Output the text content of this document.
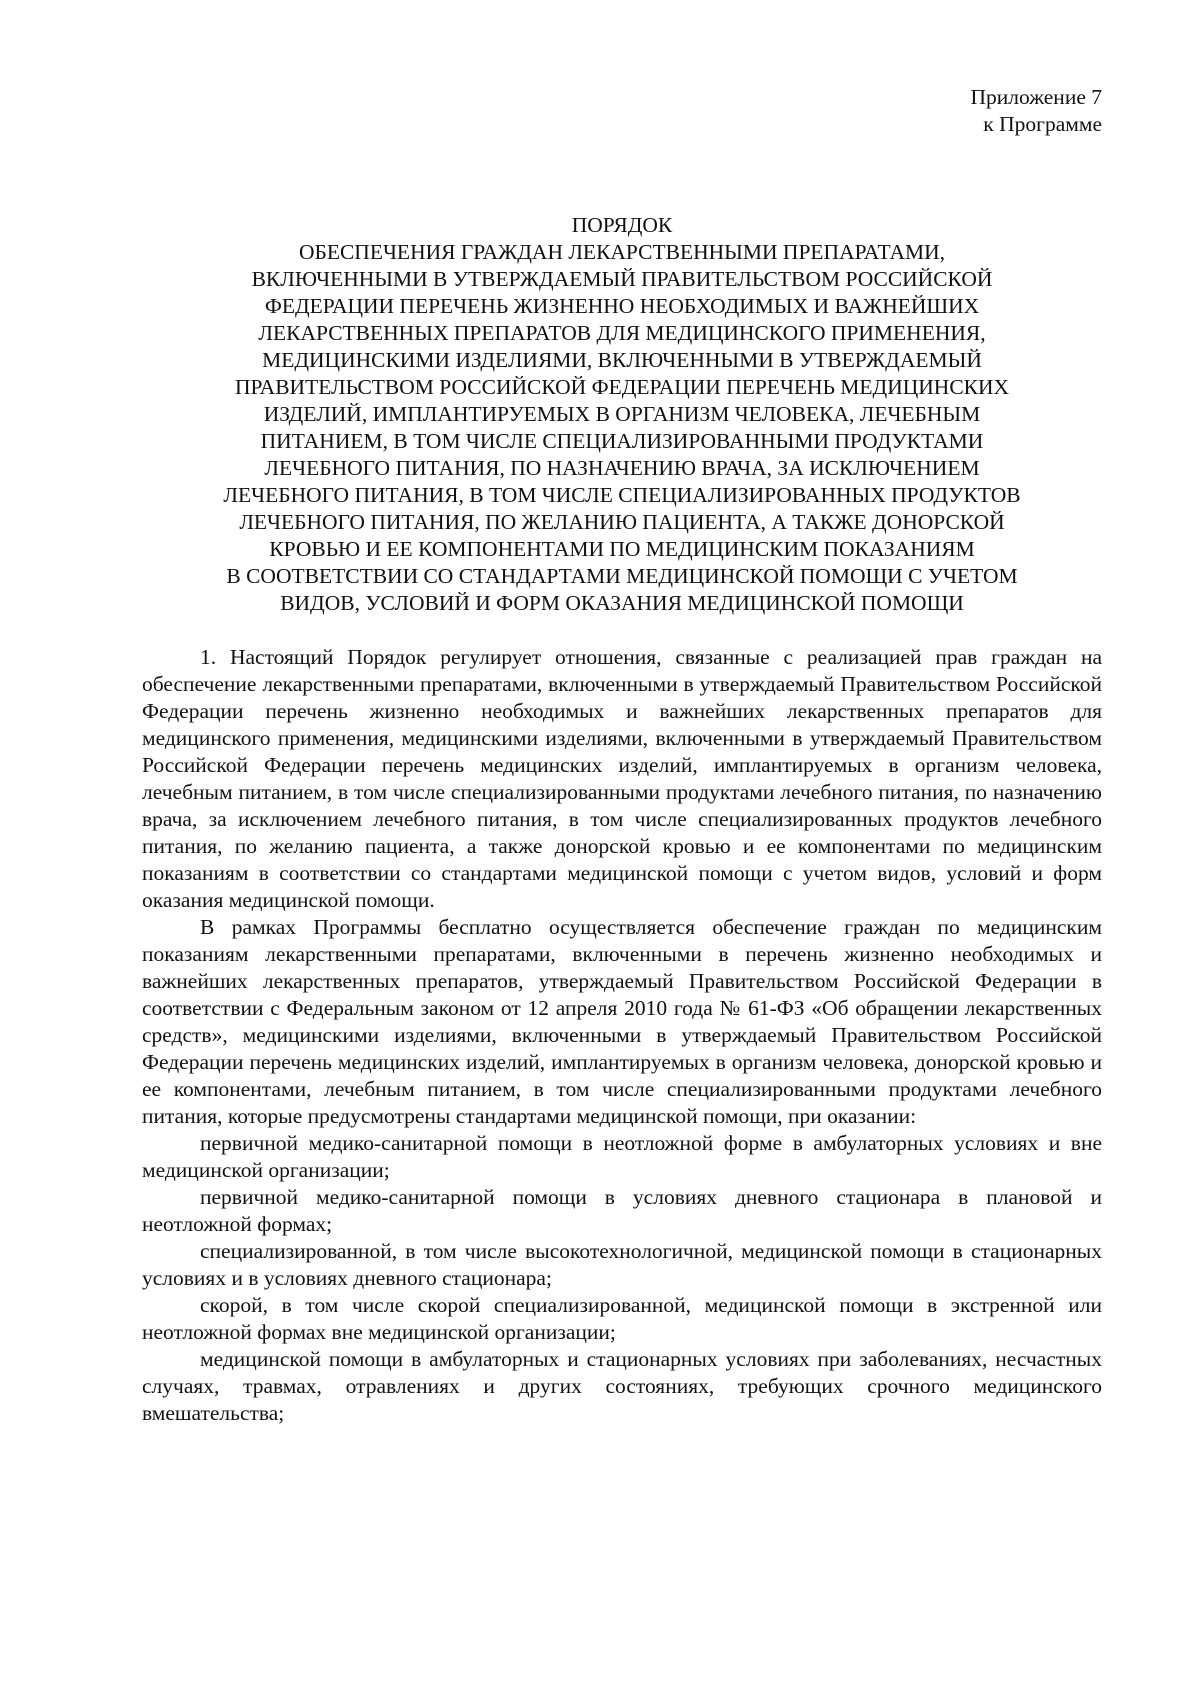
Приложение 7
к Программе
ПОРЯДОК
ОБЕСПЕЧЕНИЯ ГРАЖДАН ЛЕКАРСТВЕННЫМИ ПРЕПАРАТАМИ,
ВКЛЮЧЕННЫМИ В УТВЕРЖДАЕМЫЙ ПРАВИТЕЛЬСТВОМ РОССИЙСКОЙ
ФЕДЕРАЦИИ ПЕРЕЧЕНЬ ЖИЗНЕННО НЕОБХОДИМЫХ И ВАЖНЕЙШИХ
ЛЕКАРСТВЕННЫХ ПРЕПАРАТОВ ДЛЯ МЕДИЦИНСКОГО ПРИМЕНЕНИЯ,
МЕДИЦИНСКИМИ ИЗДЕЛИЯМИ, ВКЛЮЧЕННЫМИ В УТВЕРЖДАЕМЫЙ
ПРАВИТЕЛЬСТВОМ РОССИЙСКОЙ ФЕДЕРАЦИИ ПЕРЕЧЕНЬ МЕДИЦИНСКИХ
ИЗДЕЛИЙ, ИМПЛАНТИРУЕМЫХ В ОРГАНИЗМ ЧЕЛОВЕКА, ЛЕЧЕБНЫМ
ПИТАНИЕМ, В ТОМ ЧИСЛЕ СПЕЦИАЛИЗИРОВАННЫМИ ПРОДУКТАМИ
ЛЕЧЕБНОГО ПИТАНИЯ, ПО НАЗНАЧЕНИЮ ВРАЧА, ЗА ИСКЛЮЧЕНИЕМ
ЛЕЧЕБНОГО ПИТАНИЯ, В ТОМ ЧИСЛЕ СПЕЦИАЛИЗИРОВАННЫХ ПРОДУКТОВ
ЛЕЧЕБНОГО ПИТАНИЯ, ПО ЖЕЛАНИЮ ПАЦИЕНТА, А ТАКЖЕ ДОНОРСКОЙ
КРОВЬЮ И ЕЕ КОМПОНЕНТАМИ ПО МЕДИЦИНСКИМ ПОКАЗАНИЯМ
В СООТВЕТСТВИИ СО СТАНДАРТАМИ МЕДИЦИНСКОЙ ПОМОЩИ С УЧЕТОМ
ВИДОВ, УСЛОВИЙ И ФОРМ ОКАЗАНИЯ МЕДИЦИНСКОЙ ПОМОЩИ

1. Настоящий Порядок регулирует отношения, связанные с реализацией прав граждан на обеспечение лекарственными препаратами, включенными в утверждаемый Правительством Российской Федерации перечень жизненно необходимых и важнейших лекарственных препаратов для медицинского применения, медицинскими изделиями, включенными в утверждаемый Правительством Российской Федерации перечень медицинских изделий, имплантируемых в организм человека, лечебным питанием, в том числе специализированными продуктами лечебного питания, по назначению врача, за исключением лечебного питания, в том числе специализированных продуктов лечебного питания, по желанию пациента, а также донорской кровью и ее компонентами по медицинским показаниям в соответствии со стандартами медицинской помощи с учетом видов, условий и форм оказания медицинской помощи.

В рамках Программы бесплатно осуществляется обеспечение граждан по медицинским показаниям лекарственными препаратами, включенными в перечень жизненно необходимых и важнейших лекарственных препаратов, утверждаемый Правительством Российской Федерации в соответствии с Федеральным законом от 12 апреля 2010 года № 61-ФЗ «Об обращении лекарственных средств», медицинскими изделиями, включенными в утверждаемый Правительством Российской Федерации перечень медицинских изделий, имплантируемых в организм человека, донорской кровью и ее компонентами, лечебным питанием, в том числе специализированными продуктами лечебного питания, которые предусмотрены стандартами медицинской помощи, при оказании:

первичной медико-санитарной помощи в неотложной форме в амбулаторных условиях и вне медицинской организации;

первичной медико-санитарной помощи в условиях дневного стационара в плановой и неотложной формах;

специализированной, в том числе высокотехнологичной, медицинской помощи в стационарных условиях и в условиях дневного стационара;

скорой, в том числе скорой специализированной, медицинской помощи в экстренной или неотложной формах вне медицинской организации;

медицинской помощи в амбулаторных и стационарных условиях при заболеваниях, несчастных случаях, травмах, отравлениях и других состояниях, требующих срочного медицинского вмешательства;
